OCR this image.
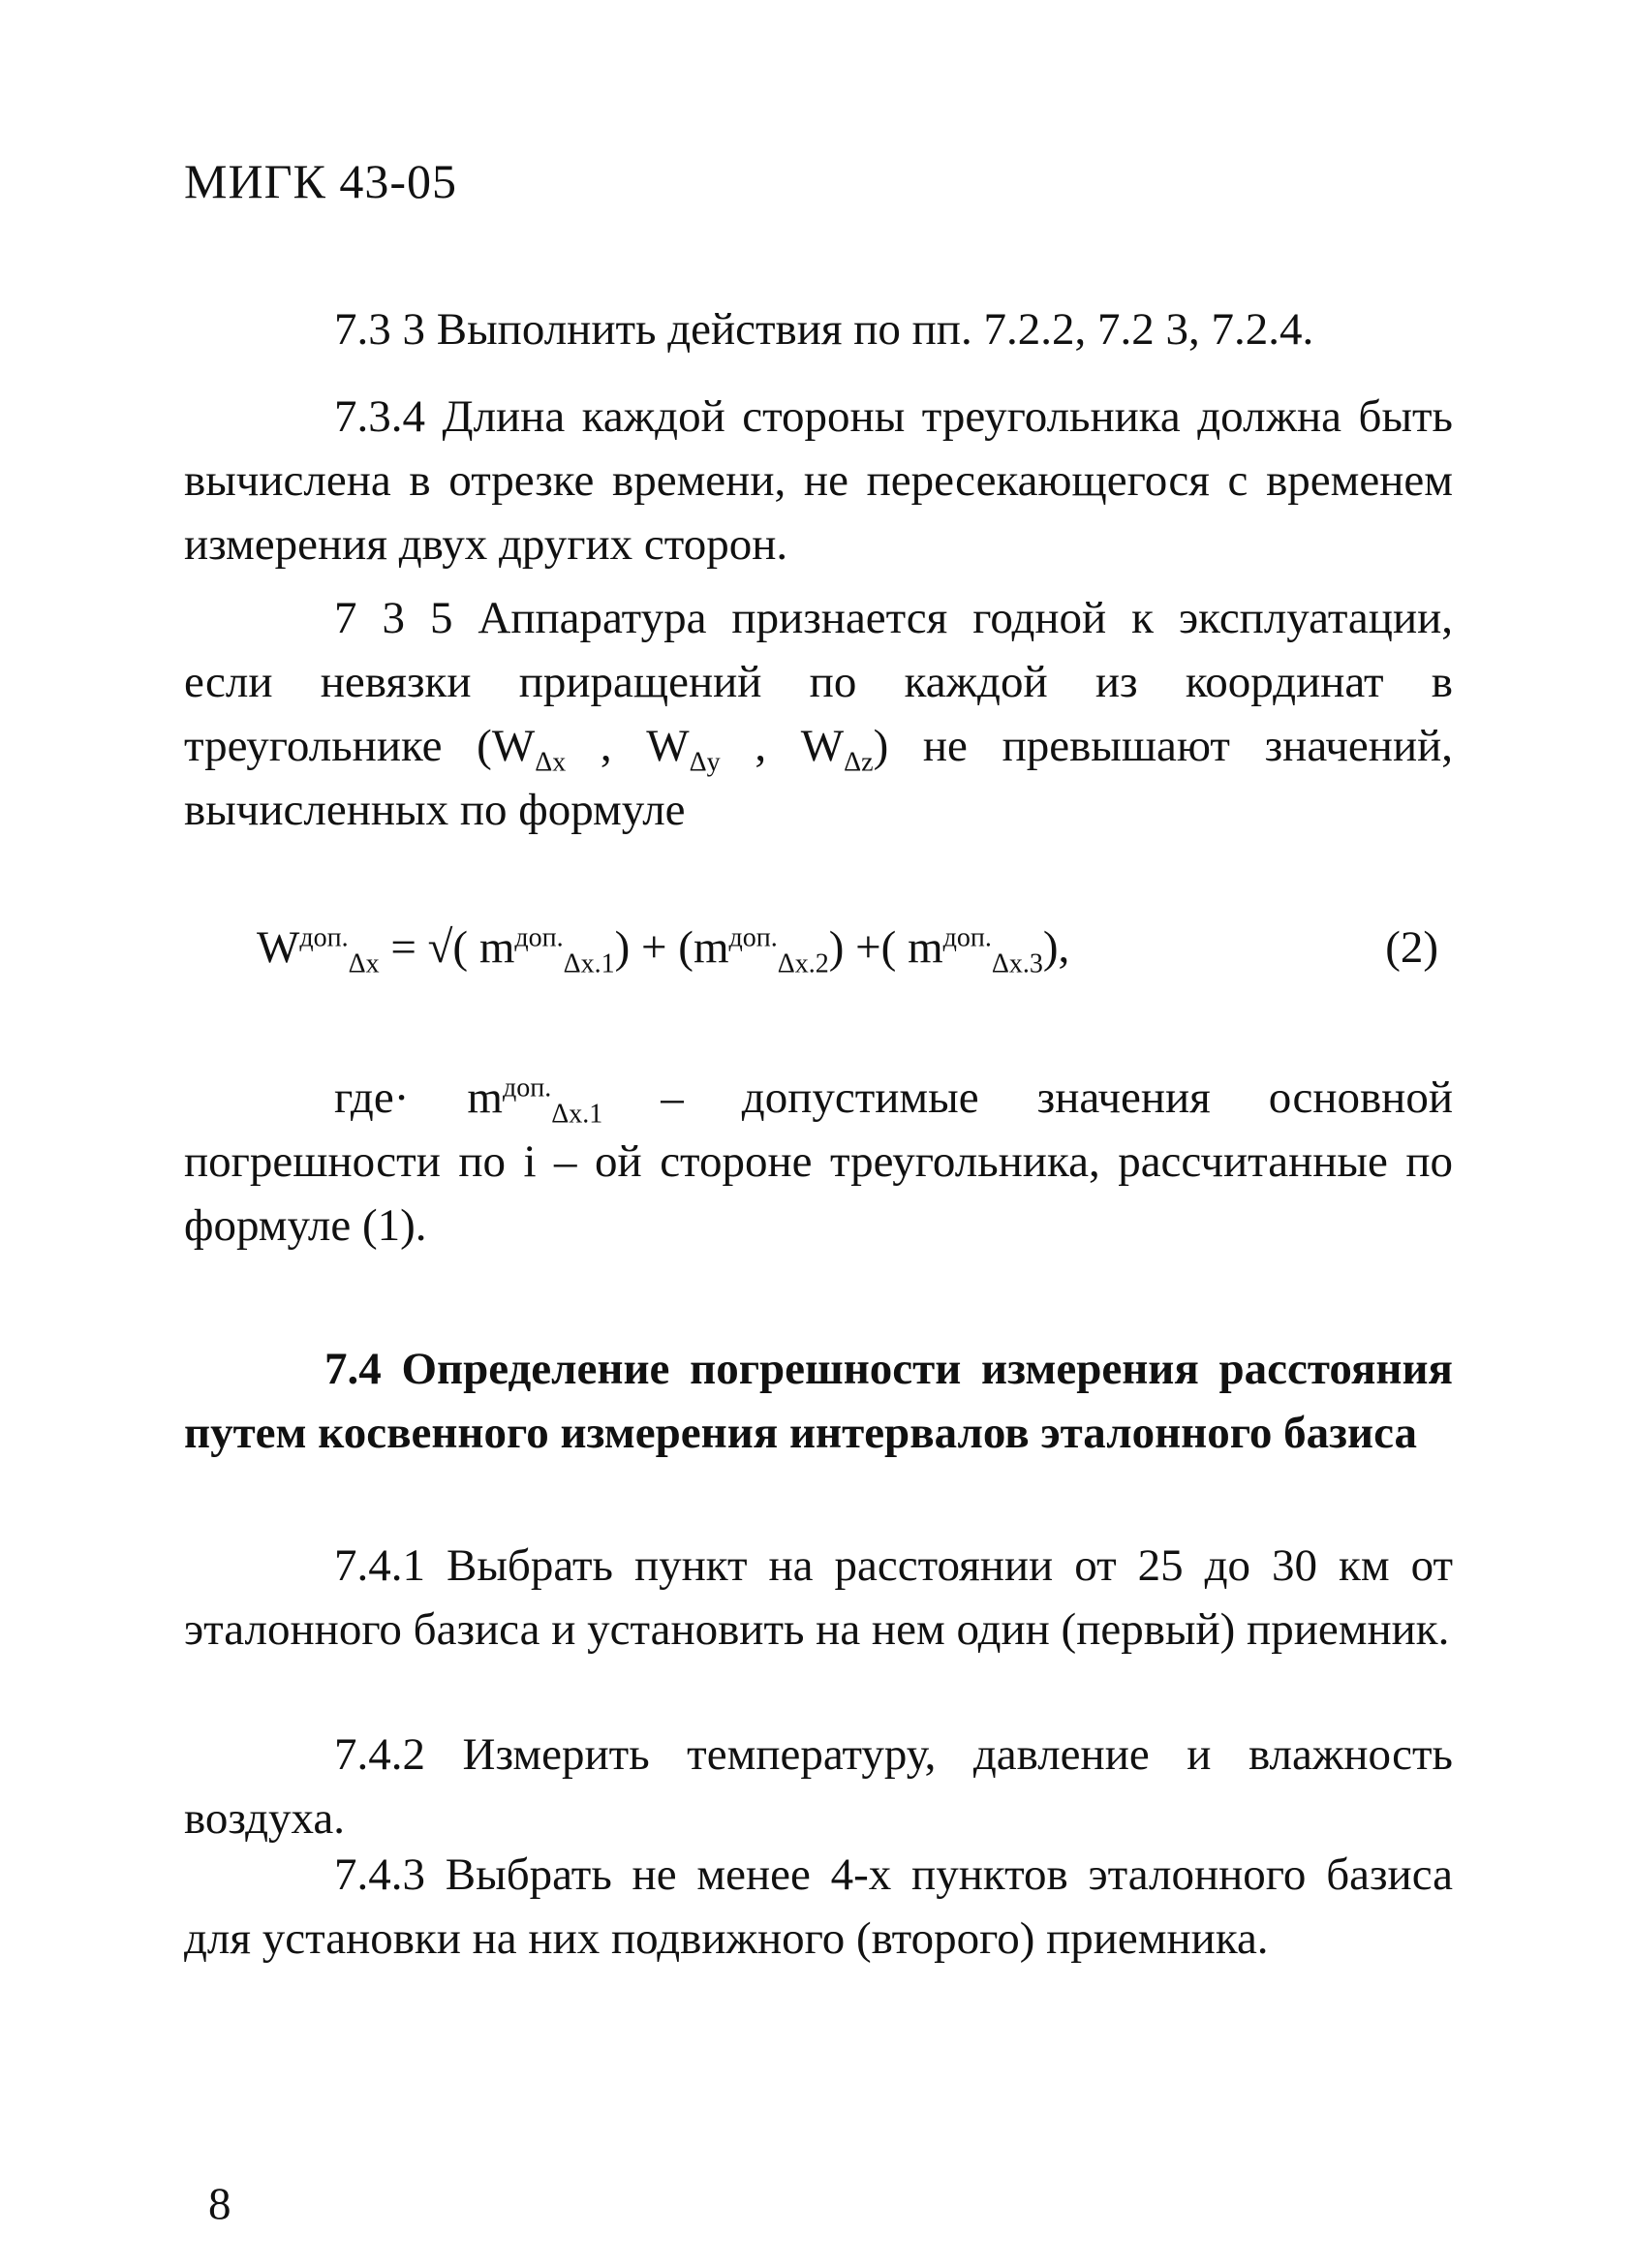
МИГК 43-05

7.3 3 Выполнить действия по пп. 7.2.2, 7.2 3, 7.2.4.

7.3.4 Длина каждой стороны треугольника должна быть вычислена в отрезке времени, не пересекающегося с временем измерения двух других сторон.

7 3 5 Аппаратура признается годной к эксплуатации, если невязки приращений по каждой из координат в треугольнике ($W_{\Delta х}$ , $W_{\Delta у}$ , $W_{\Delta z}$) не превышают значений, вычисленных по формуле

$W^{доп.}_{\Delta х}$ = √( $m^{доп.}_{\Delta х.1}) + (m^{доп.}_{\Delta х.2})$ +( $m^{доп.}_{\Delta х.3}$),	(2)

$где\cdot m^{доп.}_{\Delta х.1}$ – допустимые значения основной погрешности по i – ой стороне треугольника, рассчитанные по формуле (1).

7.4 Определение погрешности измерения расстояния путем косвенного измерения интервалов эталонного базиса

7.4.1 Выбрать пункт на расстоянии от 25 до 30 км от эталонного базиса и установить на нем один (первый) приемник.

7.4.2 Измерить температуру, давление и влажность воздуха.

7.4.3 Выбрать не менее 4-х пунктов эталонного базиса для установки на них подвижного (второго) приемника.

8
